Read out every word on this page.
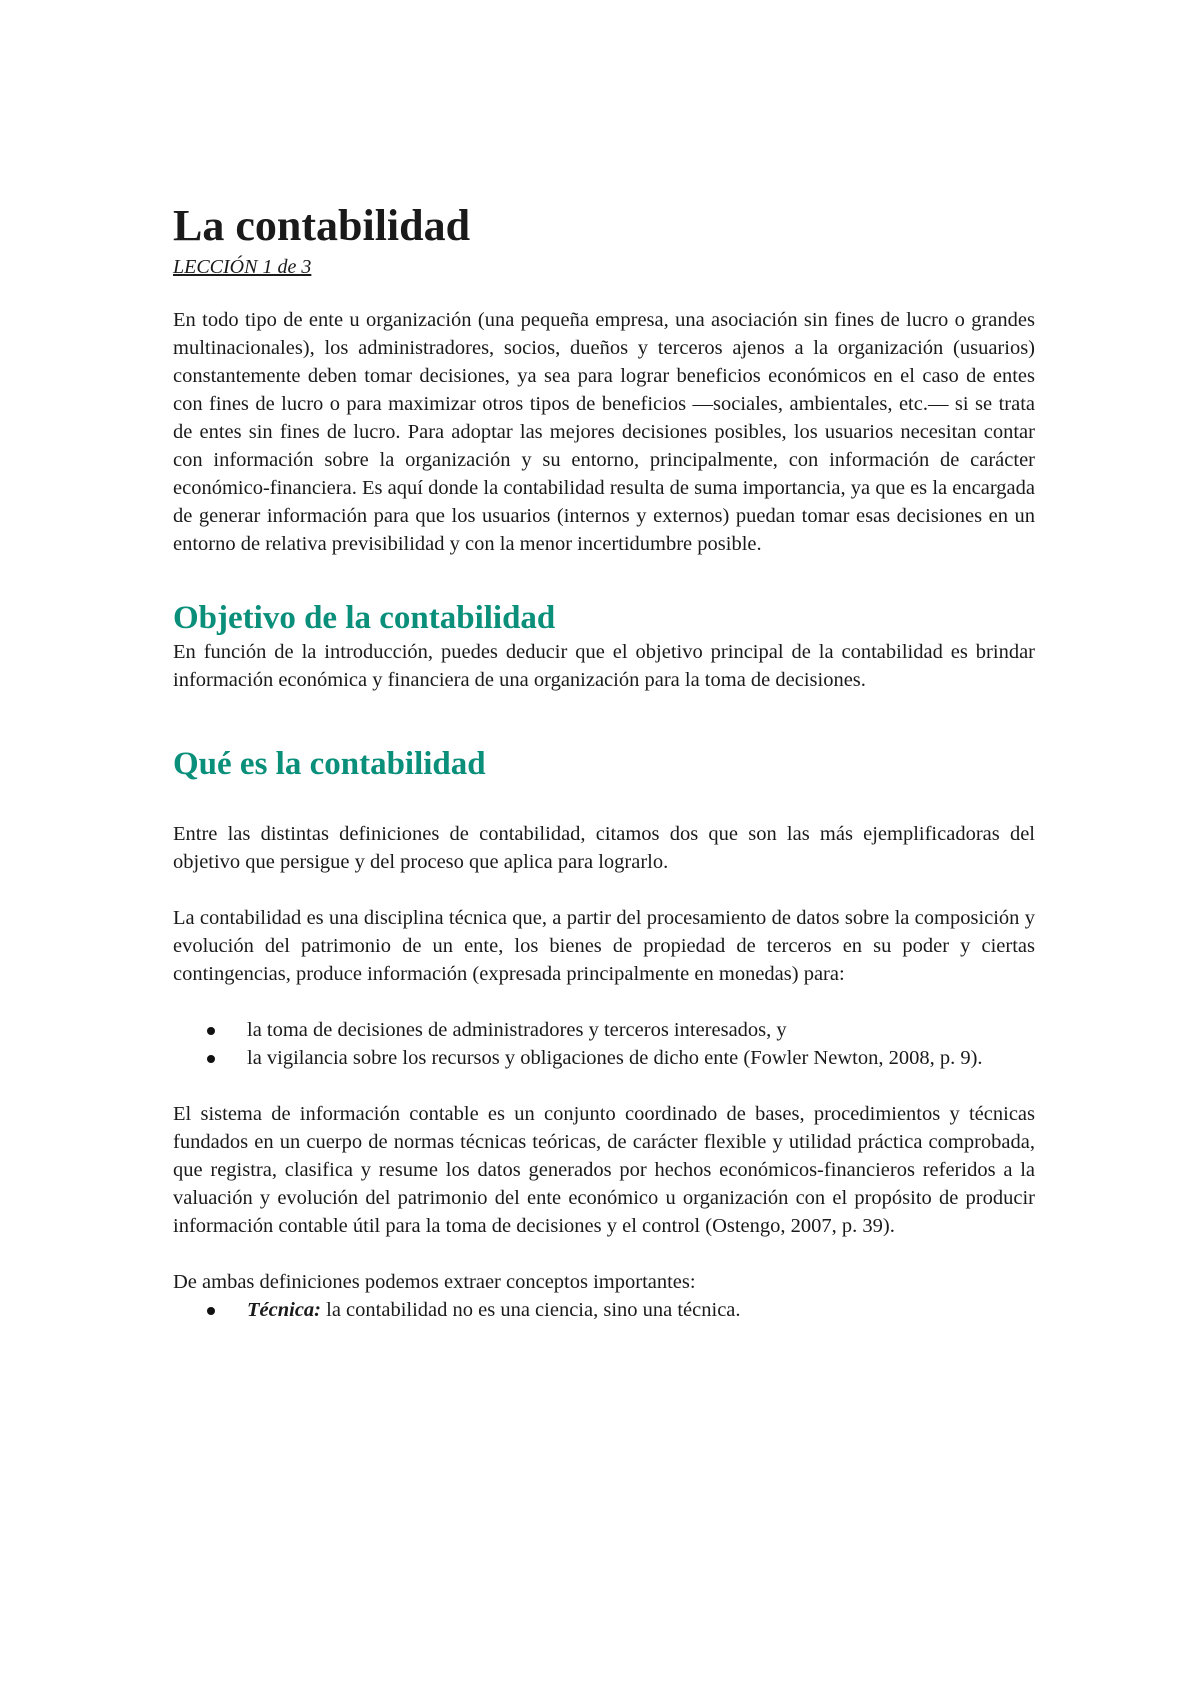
La contabilidad
LECCIÓN 1 de 3

En todo tipo de ente u organización (una pequeña empresa, una asociación sin fines de lucro o grandes multinacionales), los administradores, socios, dueños y terceros ajenos a la organización (usuarios) constantemente deben tomar decisiones, ya sea para lograr beneficios económicos en el caso de entes con fines de lucro o para maximizar otros tipos de beneficios —sociales, ambientales, etc.— si se trata de entes sin fines de lucro. Para adoptar las mejores decisiones posibles, los usuarios necesitan contar con información sobre la organización y su entorno, principalmente, con información de carácter económico-financiera. Es aquí donde la contabilidad resulta de suma importancia, ya que es la encargada de generar información para que los usuarios (internos y externos) puedan tomar esas decisiones en un entorno de relativa previsibilidad y con la menor incertidumbre posible.

Objetivo de la contabilidad

En función de la introducción, puedes deducir que el objetivo principal de la contabilidad es brindar información económica y financiera de una organización para la toma de decisiones.

Qué es la contabilidad

Entre las distintas definiciones de contabilidad, citamos dos que son las más ejemplificadoras del objetivo que persigue y del proceso que aplica para lograrlo.

La contabilidad es una disciplina técnica que, a partir del procesamiento de datos sobre la composición y evolución del patrimonio de un ente, los bienes de propiedad de terceros en su poder y ciertas contingencias, produce información (expresada principalmente en monedas) para:

la toma de decisiones de administradores y terceros interesados, y
la vigilancia sobre los recursos y obligaciones de dicho ente (Fowler Newton, 2008, p. 9).

El sistema de información contable es un conjunto coordinado de bases, procedimientos y técnicas fundados en un cuerpo de normas técnicas teóricas, de carácter flexible y utilidad práctica comprobada, que registra, clasifica y resume los datos generados por hechos económicos-financieros referidos a la valuación y evolución del patrimonio del ente económico u organización con el propósito de producir información contable útil para la toma de decisiones y el control (Ostengo, 2007, p. 39).

De ambas definiciones podemos extraer conceptos importantes:

Técnica: la contabilidad no es una ciencia, sino una técnica.
